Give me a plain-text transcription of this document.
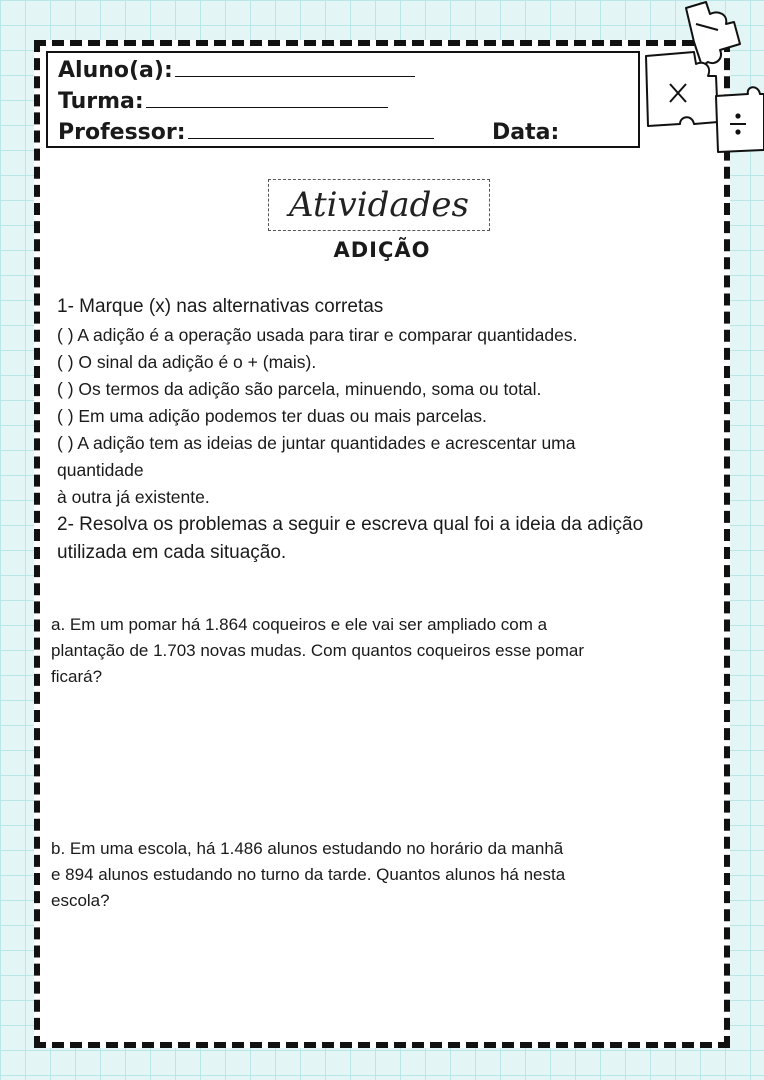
Aluno(a):
Turma:
Professor:	Data:
Atividades
ADIÇÃO
1- Marque (x) nas alternativas corretas
( ) A adição é a operação usada para tirar e comparar quantidades.
( ) O sinal da adição é o + (mais).
( ) Os termos da adição são parcela, minuendo, soma ou total.
( ) Em uma adição podemos ter duas ou mais parcelas.
( ) A adição tem as ideias de juntar quantidades e acrescentar uma
quantidade
à outra já existente.
2- Resolva os problemas a seguir e escreva qual foi a ideia da adição
utilizada em cada situação.
a. Em um pomar há 1.864 coqueiros e ele vai ser ampliado com a
plantação de 1.703 novas mudas. Com quantos coqueiros esse pomar
ficará?
b. Em uma escola, há 1.486 alunos estudando no horário da manhã
e 894 alunos estudando no turno da tarde. Quantos alunos há nesta
escola?
